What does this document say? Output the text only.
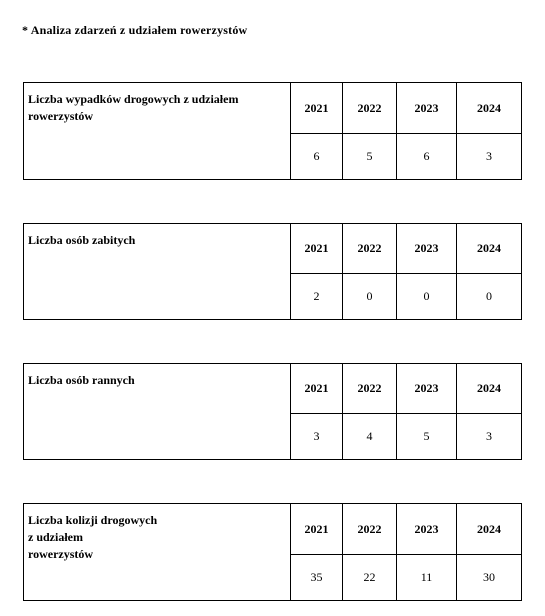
* Analiza zdarzeń z udziałem rowerzystów
Liczba wypadków drogowych z udziałem
rowerzystów	2021	2022	2023	2024
	6	5	6	3
Liczba osób zabitych	2021	2022	2023	2024
	2	0	0	0
Liczba osób rannych	2021	2022	2023	2024
	3	4	5	3
Liczba kolizji drogowych
z udziałem
rowerzystów	2021	2022	2023	2024
	35	22	11	30
